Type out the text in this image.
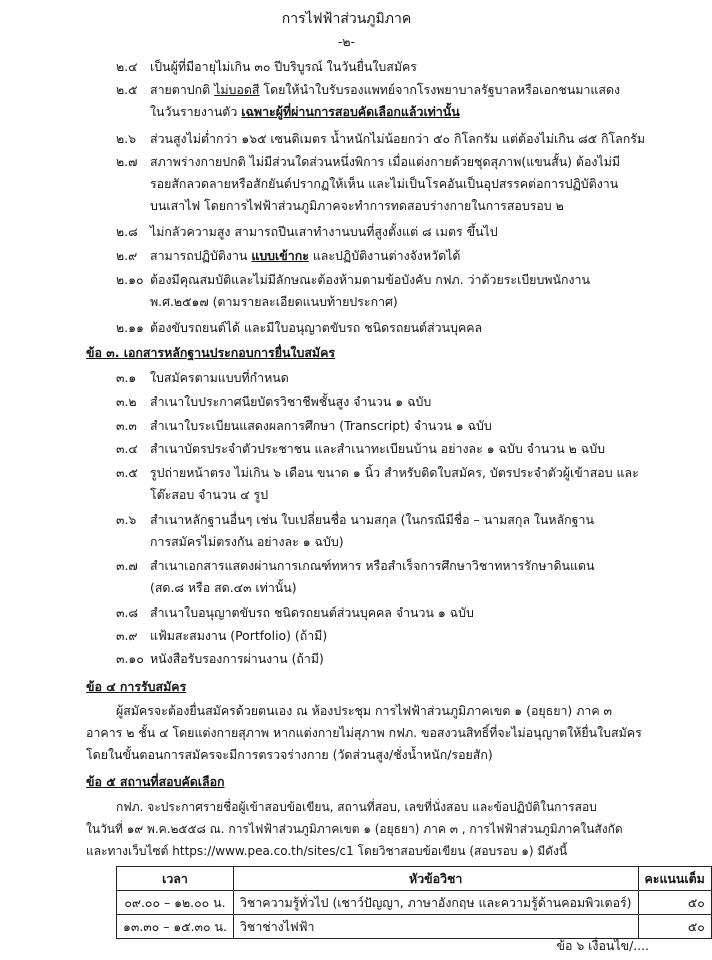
การไฟฟ้าส่วนภูมิภาค
-๒-
๒.๔ เป็นผู้ที่มีอายุไม่เกิน ๓๐ ปีบริบูรณ์ ในวันยื่นใบสมัคร
๒.๕ สายตาปกติ ไม่บอดสี โดยให้นำใบรับรองแพทย์จากโรงพยาบาลรัฐบาลหรือเอกชนมาแสดง
ในวันรายงานตัว เฉพาะผู้ที่ผ่านการสอบคัดเลือกแล้วเท่านั้น
๒.๖ ส่วนสูงไม่ต่ำกว่า ๑๖๕ เซนติเมตร น้ำหนักไม่น้อยกว่า ๕๐ กิโลกรัม แต่ต้องไม่เกิน ๘๕ กิโลกรัม
๒.๗ สภาพร่างกายปกติ ไม่มีส่วนใดส่วนหนึ่งพิการ เมื่อแต่งกายด้วยชุดสุภาพ(แขนสั้น) ต้องไม่มี
รอยสักลวดลายหรือสักยันต์ปรากฏให้เห็น และไม่เป็นโรคอันเป็นอุปสรรคต่อการปฏิบัติงาน
บนเสาไฟ โดยการไฟฟ้าส่วนภูมิภาคจะทำการทดสอบร่างกายในการสอบรอบ ๒
๒.๘ ไม่กลัวความสูง สามารถปีนเสาทำงานบนที่สูงตั้งแต่ ๘ เมตร ขึ้นไป
๒.๙ สามารถปฏิบัติงาน แบบเข้ากะ และปฏิบัติงานต่างจังหวัดได้
๒.๑๐ ต้องมีคุณสมบัติและไม่มีลักษณะต้องห้ามตามข้อบังคับ กฟภ. ว่าด้วยระเบียบพนักงาน
พ.ศ.๒๕๑๗ (ตามรายละเอียดแนบท้ายประกาศ)
๒.๑๑ ต้องขับรถยนต์ได้ และมีใบอนุญาตขับรถ ชนิดรถยนต์ส่วนบุคคล
ข้อ ๓. เอกสารหลักฐานประกอบการยื่นใบสมัคร
๓.๑ ใบสมัครตามแบบที่กำหนด
๓.๒ สำเนาใบประกาศนียบัตรวิชาชีพชั้นสูง จำนวน ๑ ฉบับ
๓.๓ สำเนาใบระเบียนแสดงผลการศึกษา (Transcript) จำนวน ๑ ฉบับ
๓.๔ สำเนาบัตรประจำตัวประชาชน และสำเนาทะเบียนบ้าน อย่างละ ๑ ฉบับ จำนวน ๒ ฉบับ
๓.๕ รูปถ่ายหน้าตรง ไม่เกิน ๖ เดือน ขนาด ๑ นิ้ว สำหรับติดใบสมัคร, บัตรประจำตัวผู้เข้าสอบ และ
โต๊ะสอบ จำนวน ๔ รูป
๓.๖ สำเนาหลักฐานอื่นๆ เช่น ใบเปลี่ยนชื่อ นามสกุล (ในกรณีมีชื่อ – นามสกุล ในหลักฐาน
การสมัครไม่ตรงกัน อย่างละ ๑ ฉบับ)
๓.๗ สำเนาเอกสารแสดงผ่านการเกณฑ์ทหาร หรือสำเร็จการศึกษาวิชาทหารรักษาดินแดน
(สด.๘ หรือ สด.๔๓ เท่านั้น)
๓.๘ สำเนาใบอนุญาตขับรถ ชนิดรถยนต์ส่วนบุคคล จำนวน ๑ ฉบับ
๓.๙ แฟ้มสะสมงาน (Portfolio) (ถ้ามี)
๓.๑๐ หนังสือรับรองการผ่านงาน (ถ้ามี)
ข้อ ๔ การรับสมัคร
ผู้สมัครจะต้องยื่นสมัครด้วยตนเอง ณ ห้องประชุม การไฟฟ้าส่วนภูมิภาคเขต ๑ (อยุธยา) ภาค ๓
อาคาร ๒ ชั้น ๔ โดยแต่งกายสุภาพ หากแต่งกายไม่สุภาพ กฟภ. ขอสงวนสิทธิ์ที่จะไม่อนุญาตให้ยื่นใบสมัคร
โดยในขั้นตอนการสมัครจะมีการตรวจร่างกาย (วัดส่วนสูง/ชั่งน้ำหนัก/รอยสัก)
ข้อ ๕ สถานที่สอบคัดเลือก
กฟภ. จะประกาศรายชื่อผู้เข้าสอบข้อเขียน, สถานที่สอบ, เลขที่นั่งสอบ และข้อปฏิบัติในการสอบ
ในวันที่ ๑๙ พ.ค.๒๕๕๘ ณ. การไฟฟ้าส่วนภูมิภาคเขต ๑ (อยุธยา) ภาค ๓ , การไฟฟ้าส่วนภูมิภาคในสังกัด
และทางเว็บไซต์ https://www.pea.co.th/sites/c1 โดยวิชาสอบข้อเขียน (สอบรอบ ๑) มีดังนี้
เวลา	หัวข้อวิชา	คะแนนเต็ม
๐๙.๐๐ – ๑๒.๐๐ น.	วิชาความรู้ทั่วไป (เชาว์ปัญญา, ภาษาอังกฤษ และความรู้ด้านคอมพิวเตอร์)	๕๐
๑๓.๓๐ – ๑๕.๓๐ น.	วิชาช่างไฟฟ้า	๕๐
ข้อ ๖ เงื่อนไข/....
